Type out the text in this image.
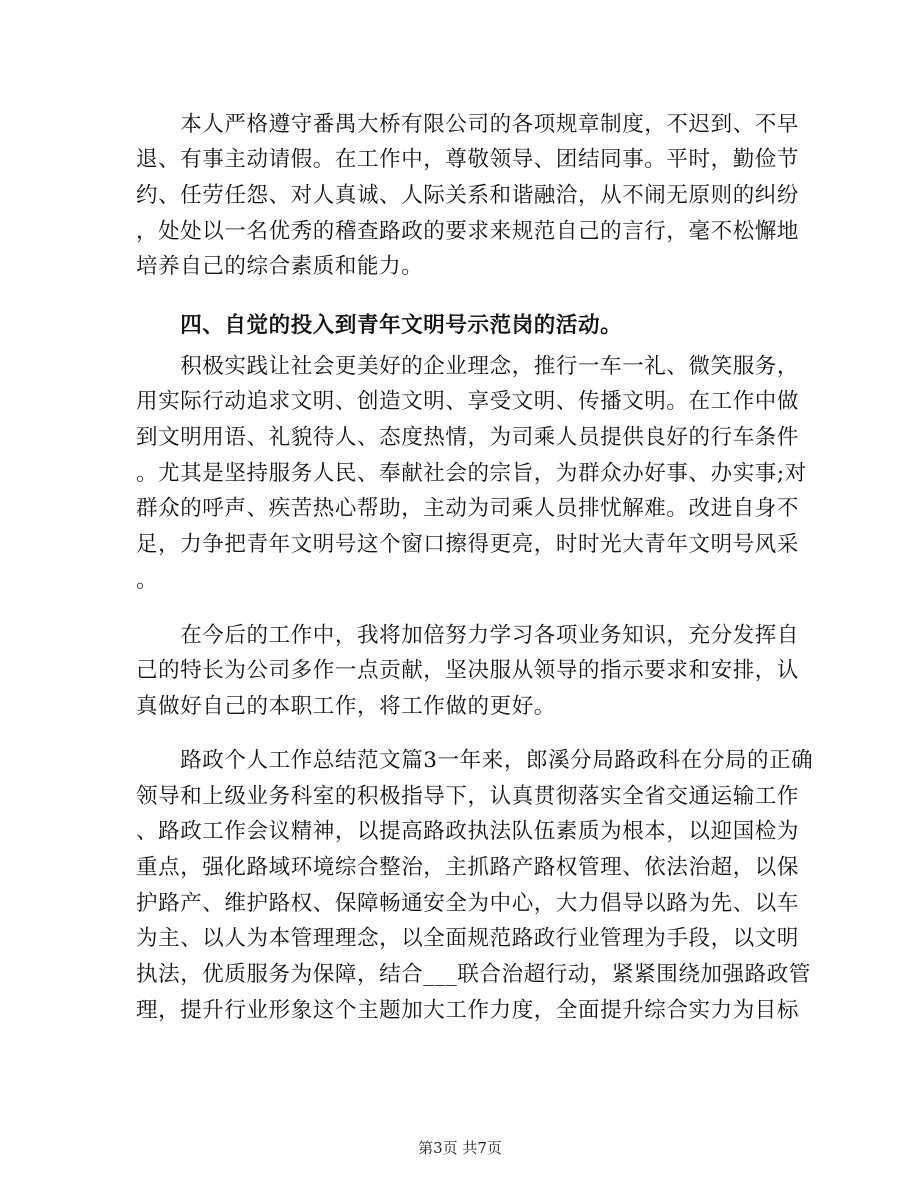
　　本人严格遵守番禺大桥有限公司的各项规章制度，不迟到、不早
退、有事主动请假。在工作中，尊敬领导、团结同事。平时，勤俭节
约、任劳任怨、对人真诚、人际关系和谐融洽，从不闹无原则的纠纷
，处处以一名优秀的稽查路政的要求来规范自己的言行，毫不松懈地
培养自己的综合素质和能力。
　　四、自觉的投入到青年文明号示范岗的活动。
　　积极实践让社会更美好的企业理念，推行一车一礼、微笑服务，
用实际行动追求文明、创造文明、享受文明、传播文明。在工作中做
到文明用语、礼貌待人、态度热情，为司乘人员提供良好的行车条件
。尤其是坚持服务人民、奉献社会的宗旨，为群众办好事、办实事;对
群众的呼声、疾苦热心帮助，主动为司乘人员排忧解难。改进自身不
足，力争把青年文明号这个窗口擦得更亮，时时光大青年文明号风采
。
　　在今后的工作中，我将加倍努力学习各项业务知识，充分发挥自
己的特长为公司多作一点贡献，坚决服从领导的指示要求和安排，认
真做好自己的本职工作，将工作做的更好。
　　路政个人工作总结范文篇3一年来，郎溪分局路政科在分局的正确
领导和上级业务科室的积极指导下，认真贯彻落实全省交通运输工作
、路政工作会议精神，以提高路政执法队伍素质为根本，以迎国检为
重点，强化路域环境综合整治，主抓路产路权管理、依法治超，以保
护路产、维护路权、保障畅通安全为中心，大力倡导以路为先、以车
为主、以人为本管理理念，以全面规范路政行业管理为手段，以文明
执法，优质服务为保障，结合___联合治超行动，紧紧围绕加强路政管
理，提升行业形象这个主题加大工作力度，全面提升综合实力为目标
第3页 共7页
